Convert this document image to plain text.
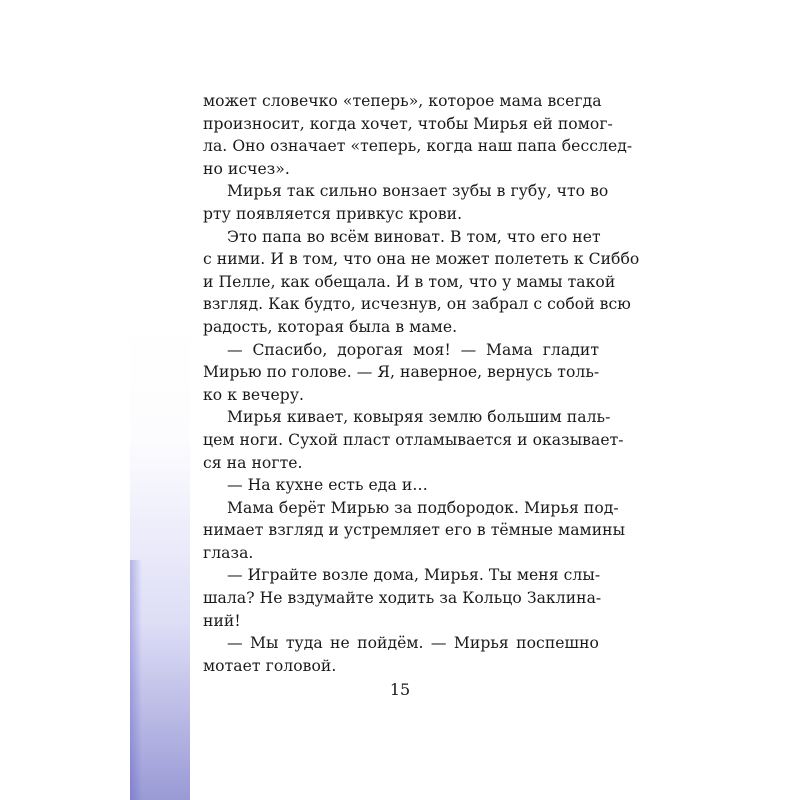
может словечко «теперь», которое мама всегда
произносит, когда хочет, чтобы Мирья ей помог-
ла. Оно означает «теперь, когда наш папа бесслед-
но исчез».
Мирья так сильно вонзает зубы в губу, что во
рту появляется привкус крови.
Это папа во всём виноват. В том, что его нет
с ними. И в том, что она не может полететь к Сиббо
и Пелле, как обещала. И в том, что у мамы такой
взгляд. Как будто, исчезнув, он забрал с собой всю
радость, которая была в маме.
— Спасибо, дорогая моя! — Мама гладит
Мирью по голове. — Я, наверное, вернусь толь-
ко к вечеру.
Мирья кивает, ковыряя землю большим паль-
цем ноги. Сухой пласт отламывается и оказывает-
ся на ногте.
— На кухне есть еда и…
Мама берёт Мирью за подбородок. Мирья под-
нимает взгляд и устремляет его в тёмные мамины
глаза.
— Играйте возле дома, Мирья. Ты меня слы-
шала? Не вздумайте ходить за Кольцо Заклина-
ний!
— Мы туда не пойдём. — Мирья поспешно
мотает головой.
15
